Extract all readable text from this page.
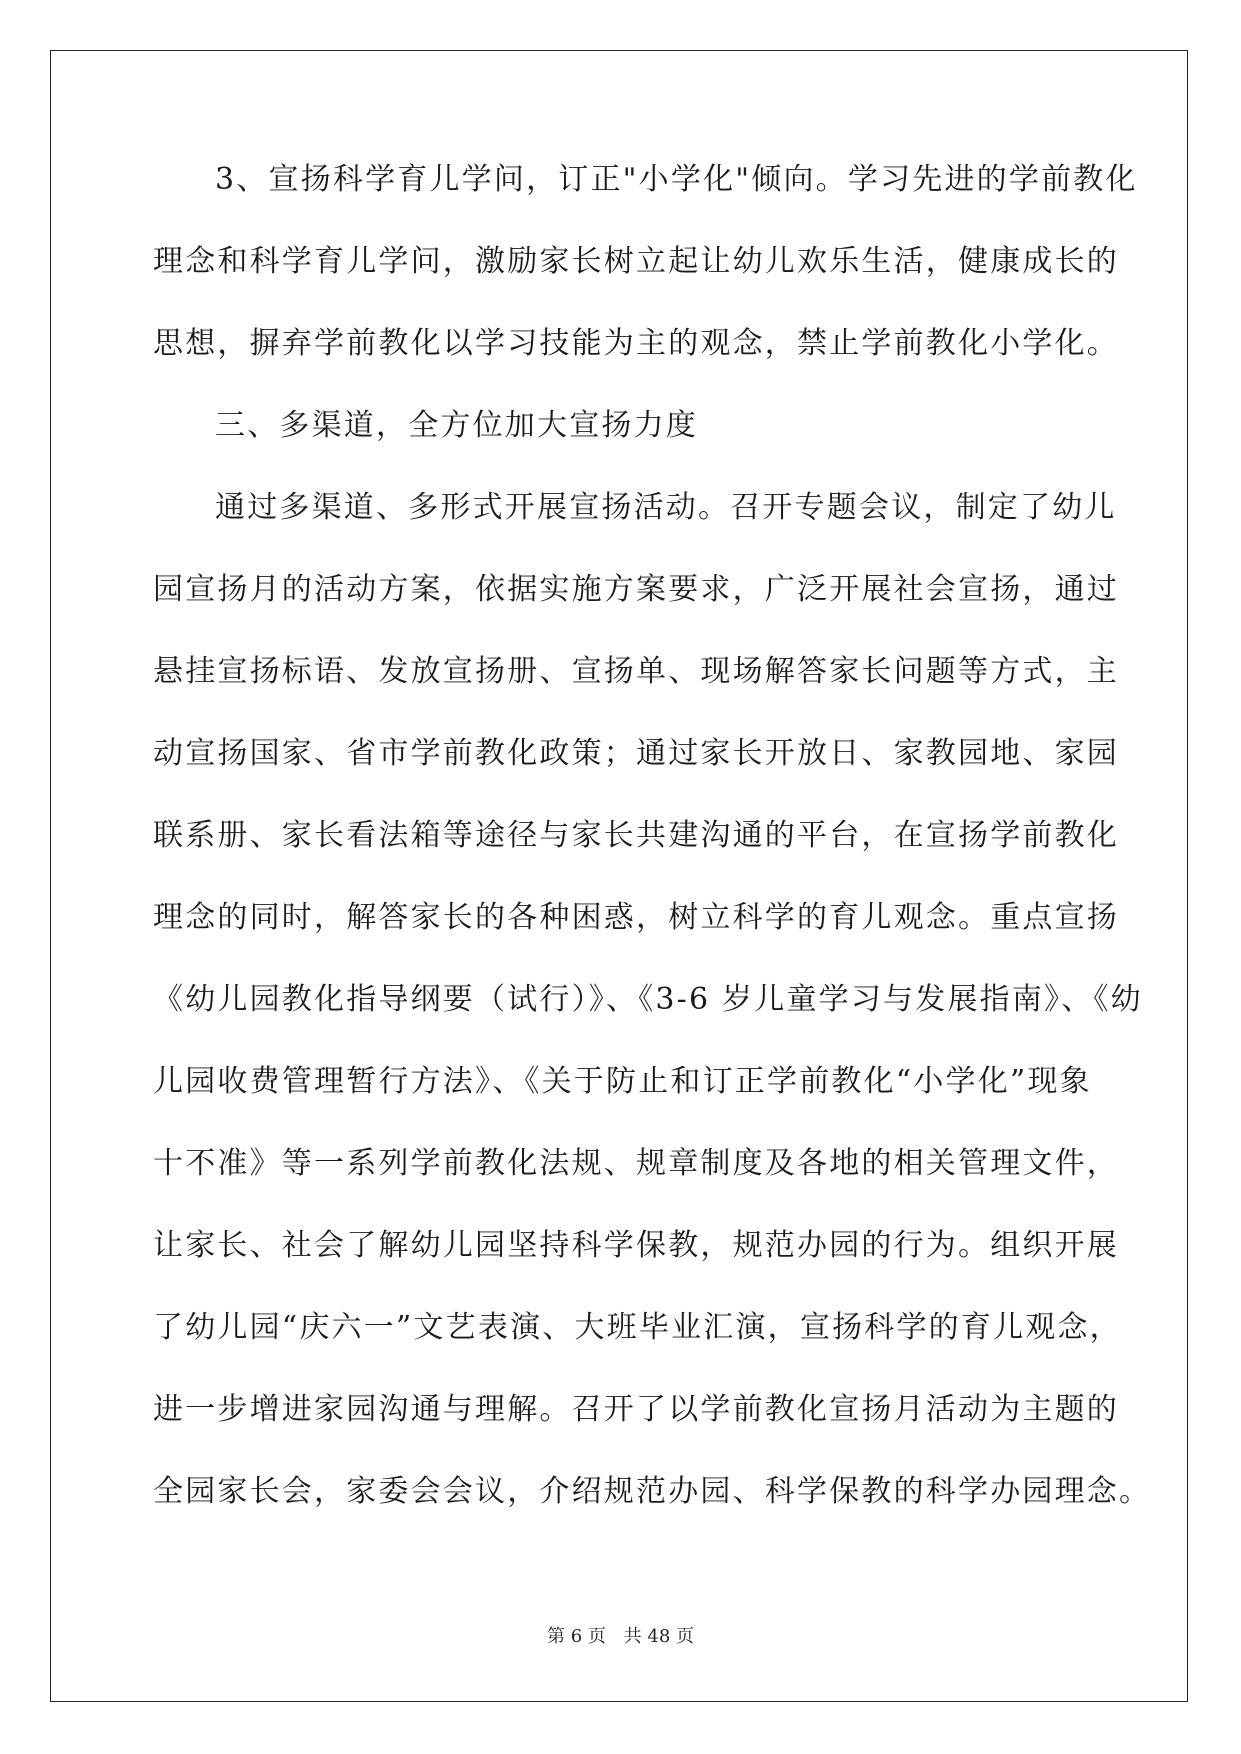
3、宣扬科学育儿学问，订正"小学化"倾向。学习先进的学前教化
理念和科学育儿学问，激励家长树立起让幼儿欢乐生活，健康成长的
思想，摒弃学前教化以学习技能为主的观念，禁止学前教化小学化。
三、多渠道，全方位加大宣扬力度
通过多渠道、多形式开展宣扬活动。召开专题会议，制定了幼儿
园宣扬月的活动方案，依据实施方案要求，广泛开展社会宣扬，通过
悬挂宣扬标语、发放宣扬册、宣扬单、现场解答家长问题等方式，主
动宣扬国家、省市学前教化政策；通过家长开放日、家教园地、家园
联系册、家长看法箱等途径与家长共建沟通的平台，在宣扬学前教化
理念的同时，解答家长的各种困惑，树立科学的育儿观念。重点宣扬
《幼儿园教化指导纲要（试行）》、《3-6 岁儿童学习与发展指南》、《幼
儿园收费管理暂行方法》、《关于防止和订正学前教化“小学化”现象
十不准》等一系列学前教化法规、规章制度及各地的相关管理文件，
让家长、社会了解幼儿园坚持科学保教，规范办园的行为。组织开展
了幼儿园“庆六一”文艺表演、大班毕业汇演，宣扬科学的育儿观念，
进一步增进家园沟通与理解。召开了以学前教化宣扬月活动为主题的
全园家长会，家委会会议，介绍规范办园、科学保教的科学办园理念。
第 6 页 共 48 页
